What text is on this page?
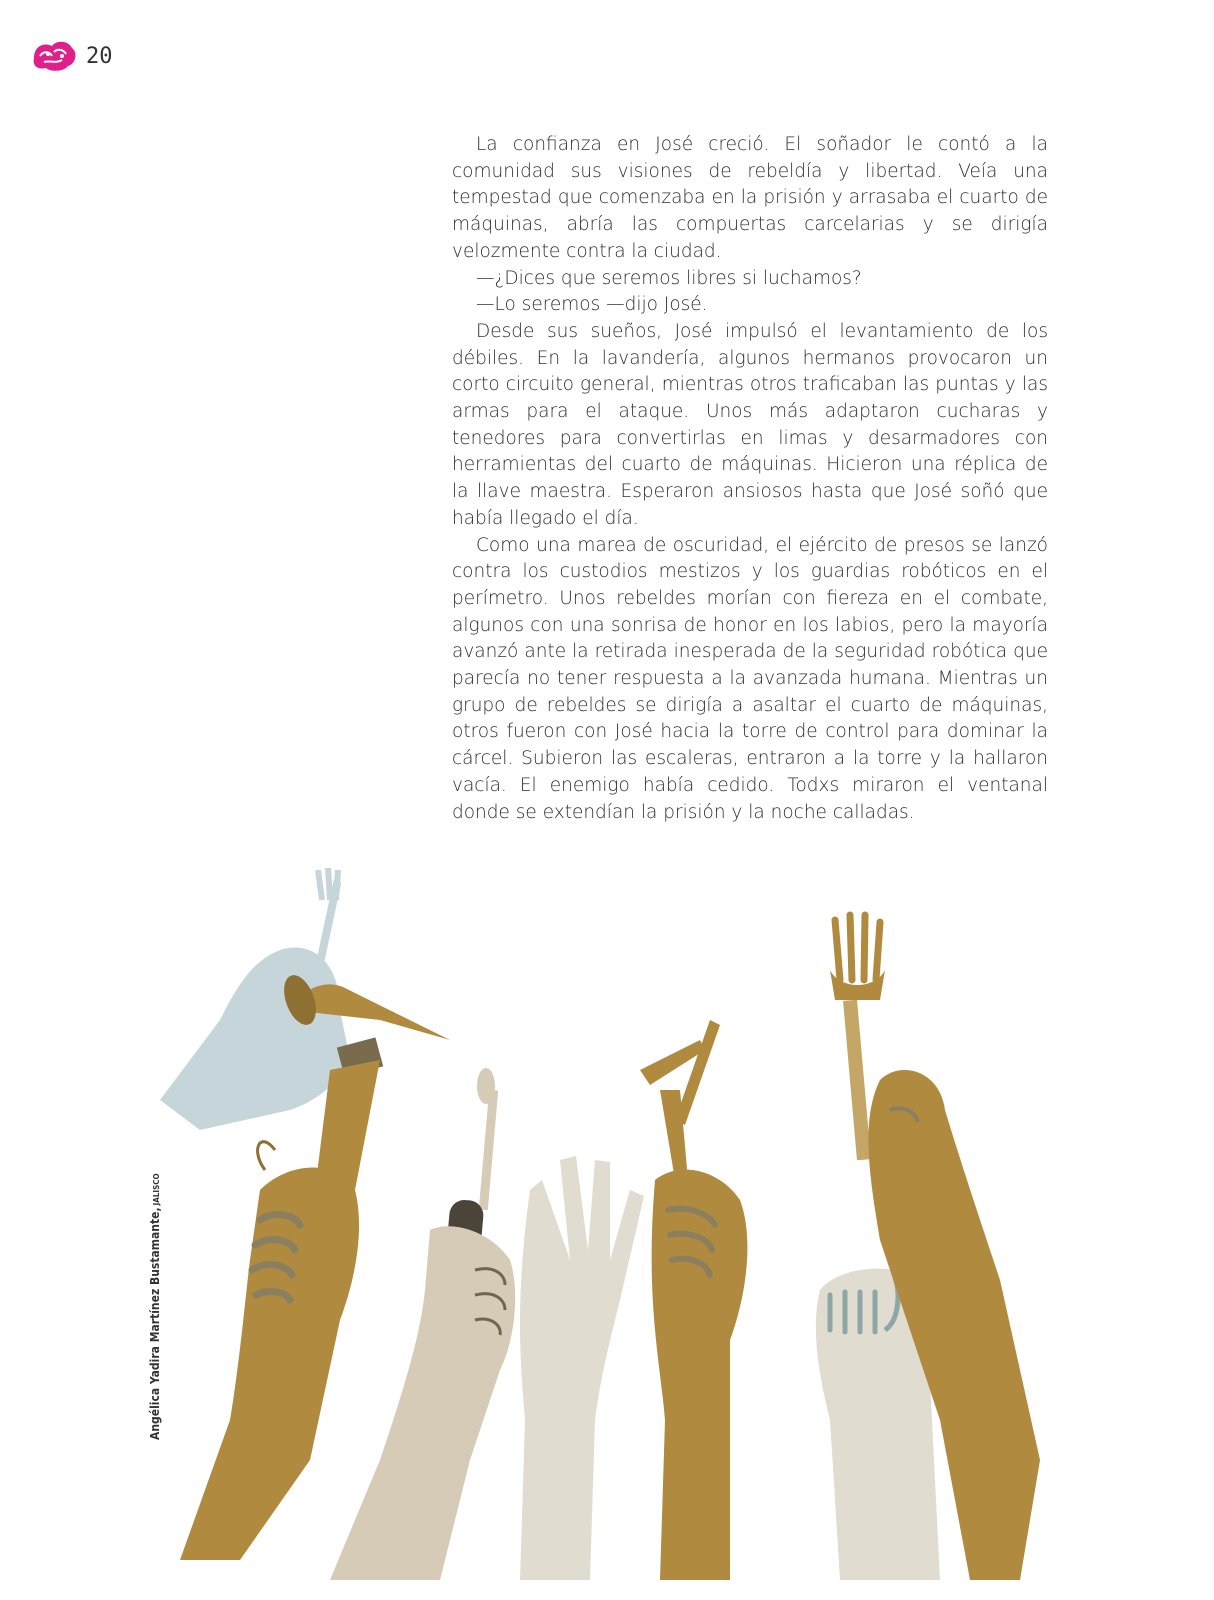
20

La confianza en José creció. El soñador le contó a la comunidad sus visiones de rebeldía y libertad. Veía una tempestad que comenzaba en la prisión y arrasaba el cuarto de máquinas, abría las compuertas carcelarias y se dirigía velozmente contra la ciudad.

—¿Dices que seremos libres si luchamos?

—Lo seremos —dijo José.

Desde sus sueños, José impulsó el levantamiento de los débiles. En la lavandería, algunos hermanos provocaron un corto circuito general, mientras otros traficaban las puntas y las armas para el ataque. Unos más adaptaron cucharas y tenedores para convertirlas en limas y desarmadores con herramientas del cuarto de máquinas. Hicieron una réplica de la llave maestra. Esperaron ansiosos hasta que José soñó que había llegado el día.

Como una marea de oscuridad, el ejército de presos se lanzó contra los custodios mestizos y los guardias robóticos en el perímetro. Unos rebeldes morían con fiereza en el combate, algunos con una sonrisa de honor en los labios, pero la mayoría avanzó ante la retirada inesperada de la seguridad robótica que parecía no tener respuesta a la avanzada humana. Mientras un grupo de rebeldes se dirigía a asaltar el cuarto de máquinas, otros fueron con José hacia la torre de control para dominar la cárcel. Subieron las escaleras, entraron a la torre y la hallaron vacía. El enemigo había cedido. Todxs miraron el ventanal donde se extendían la prisión y la noche calladas.

Angélica Yadira Martínez Bustamante,JALISCO
